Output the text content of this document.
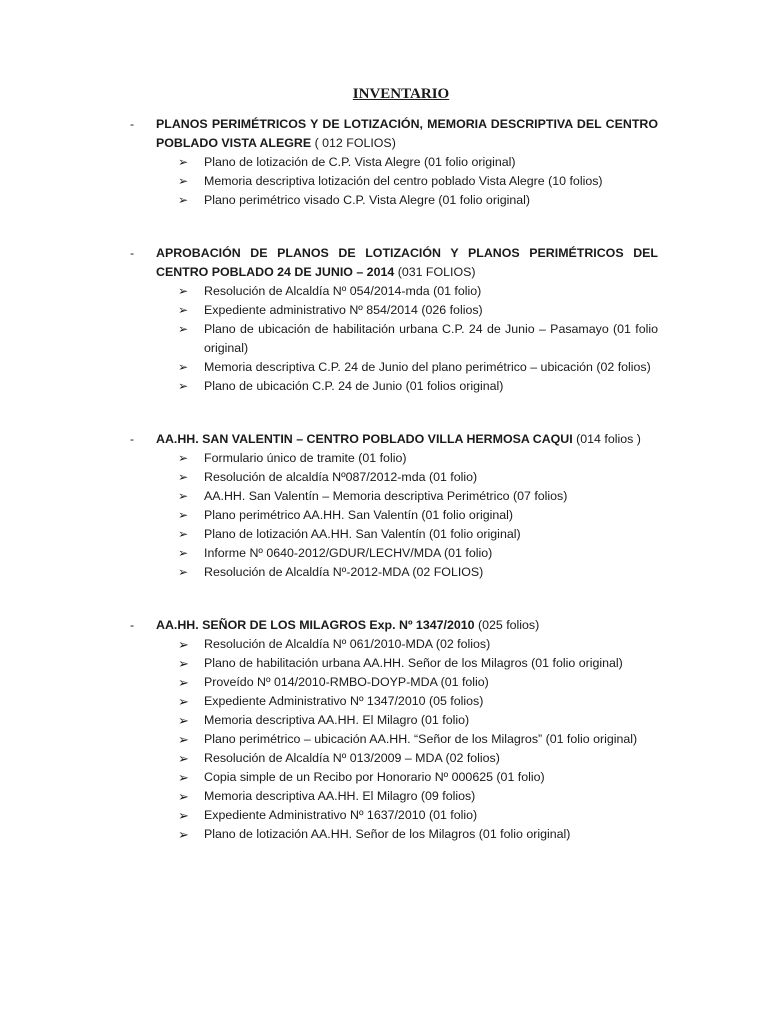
INVENTARIO
-	PLANOS PERIMÉTRICOS Y DE LOTIZACIÓN, MEMORIA DESCRIPTIVA DEL CENTRO POBLADO VISTA ALEGRE ( 012 FOLIOS)
➢	Plano de lotización de C.P. Vista Alegre (01 folio original)
➢	Memoria descriptiva lotización del centro poblado Vista Alegre (10 folios)
➢	Plano perimétrico visado C.P. Vista Alegre (01 folio original)
-	APROBACIÓN DE PLANOS DE LOTIZACIÓN Y PLANOS PERIMÉTRICOS DEL CENTRO POBLADO 24 DE JUNIO – 2014 (031 FOLIOS)
➢	Resolución de Alcaldía Nº 054/2014-mda (01 folio)
➢	Expediente administrativo Nº 854/2014 (026 folios)
➢	Plano de ubicación de habilitación urbana C.P. 24 de Junio – Pasamayo (01 folio original)
➢	Memoria descriptiva C.P. 24 de Junio del plano perimétrico – ubicación (02 folios)
➢	Plano de ubicación C.P. 24 de Junio (01 folios original)
-	AA.HH. SAN VALENTIN – CENTRO POBLADO VILLA HERMOSA CAQUI (014 folios )
➢	Formulario único de tramite (01 folio)
➢	Resolución de alcaldía Nº087/2012-mda (01 folio)
➢	AA.HH. San Valentín – Memoria descriptiva Perimétrico (07 folios)
➢	Plano perimétrico AA.HH. San Valentín (01 folio original)
➢	Plano de lotización AA.HH. San Valentín (01 folio original)
➢	Informe Nº 0640-2012/GDUR/LECHV/MDA (01 folio)
➢	Resolución de Alcaldía Nº-2012-MDA (02 FOLIOS)
-	AA.HH. SEÑOR DE LOS MILAGROS Exp. Nº 1347/2010 (025 folios)
➢	Resolución de Alcaldía Nº 061/2010-MDA (02 folios)
➢	Plano de habilitación urbana AA.HH. Señor de los Milagros (01 folio original)
➢	Proveído Nº 014/2010-RMBO-DOYP-MDA (01 folio)
➢	Expediente Administrativo Nº 1347/2010 (05 folios)
➢	Memoria descriptiva AA.HH. El Milagro (01 folio)
➢	Plano perimétrico – ubicación AA.HH. “Señor de los Milagros” (01 folio original)
➢	Resolución de Alcaldía Nº 013/2009 – MDA (02 folios)
➢	Copia simple de un Recibo por Honorario Nº 000625 (01 folio)
➢	Memoria descriptiva AA.HH. El Milagro (09 folios)
➢	Expediente Administrativo Nº 1637/2010 (01 folio)
➢	Plano de lotización AA.HH. Señor de los Milagros (01 folio original)
